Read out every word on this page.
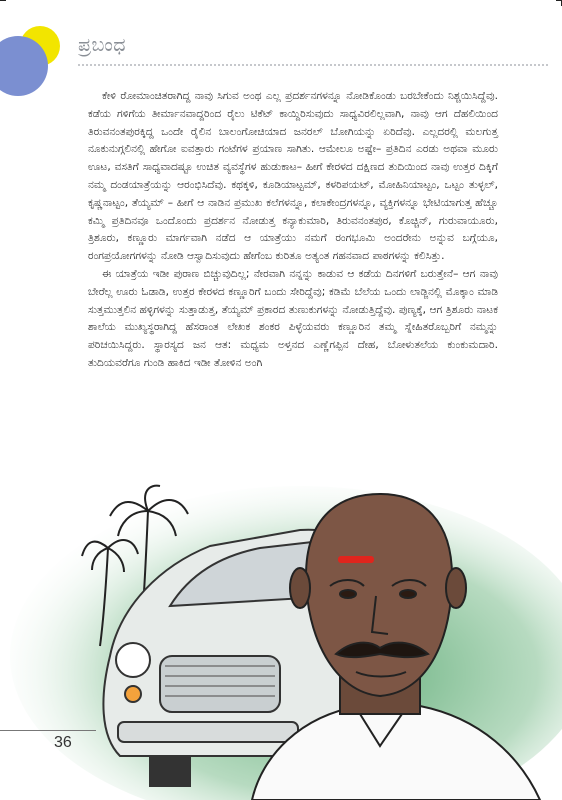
ಪ್ರಬಂಧ

ಕೇಳಿ ರೋಮಾಂಚಿತರಾಗಿದ್ದ ನಾವು ಸಿಗುವ ಅಂಥ ಎಲ್ಲ ಪ್ರದರ್ಶನಗಳನ್ನೂ ನೋಡಿಕೊಂಡು ಬರಬೇಕೆಂದು ನಿಶ್ಚಯಿಸಿದ್ದೆವು. ಕಡೆಯ ಗಳಿಗೆಯ ತೀರ್ಮಾನವಾದ್ದರಿಂದ ರೈಲು ಟಿಕೆಟ್ ಕಾಯ್ದಿರಿಸುವುದು ಸಾಧ್ಯವಿರಲಿಲ್ಲವಾಗಿ, ನಾವು ಆಗ ದೆಹಲಿಯಿಂದ ತಿರುವನಂತಪುರಕ್ಕಿದ್ದ ಒಂದೇ ರೈಲಿನ ಬಾಲಂಗೋಚಿಯಾದ ಜನರಲ್ ಬೋಗಿಯನ್ನು ಏರಿದೆವು. ಎಲ್ಲದರಲ್ಲಿ ಮಲಗುತ್ತ ನೂಕುನುಗ್ಗಲಿನಲ್ಲಿ ಹೇಗೋ ಐವತ್ತಾರು ಗಂಟೆಗಳ ಪ್ರಯಾಣ ಸಾಗಿತು. ಆಮೇಲೂ ಅಷ್ಟೇ– ಪ್ರತಿದಿನ ಎರಡು ಅಥವಾ ಮೂರು ಊಟ, ವಸತಿಗೆ ಸಾಧ್ಯವಾದಷ್ಟೂ ಉಚಿತ ವ್ಯವಸ್ಥೆಗಳ ಹುಡುಕಾಟ– ಹೀಗೆ ಕೇರಳದ ದಕ್ಷಿಣದ ತುದಿಯಿಂದ ನಾವು ಉತ್ತರ ದಿಕ್ಕಿಗೆ ನಮ್ಮ ದಂಡಯಾತ್ರೆಯನ್ನು ಆರಂಭಿಸಿದೆವು. ಕಥಕ್ಕಳಿ, ಕೂಡಿಯಾಟ್ಟಮ್, ಕಳರಿಪಯಟ್, ಮೋಹಿನಿಯಾಟ್ಟಂ, ಒಟ್ಟಂ ತುಳ್ಳಲ್, ಕೃಷ್ಣನಾಟ್ಟಂ, ತೆಯ್ಯಮ್ – ಹೀಗೆ ಆ ನಾಡಿನ ಪ್ರಮುಖ ಕಲೆಗಳನ್ನೂ, ಕಲಾಕೇಂದ್ರಗಳನ್ನೂ, ವ್ಯಕ್ತಿಗಳನ್ನೂ ಭೇಟಿಯಾಗುತ್ತ ಹೆಚ್ಚೂ ಕಮ್ಮಿ ಪ್ರತಿದಿನವೂ ಒಂದೊಂದು ಪ್ರದರ್ಶನ ನೋಡುತ್ತ ಕನ್ಯಾಕುಮಾರಿ, ತಿರುವನಂತಪುರ, ಕೊಚ್ಚಿನ್, ಗುರುವಾಯೂರು, ತ್ರಿಶೂರು, ಕಣ್ಣೂರು ಮಾರ್ಗವಾಗಿ ನಡೆದ ಆ ಯಾತ್ರೆಯು ನಮಗೆ ರಂಗಭೂಮಿ ಅಂದರೇನು ಅನ್ನುವ ಬಗ್ಗೆಯೂ, ರಂಗಪ್ರಯೋಗಗಳನ್ನು ನೋಡಿ ಆಸ್ವಾದಿಸುವುದು ಹೇಗೆಂಬ ಕುರಿತೂ ಅತ್ಯಂತ ಗಹನವಾದ ಪಾಠಗಳನ್ನು ಕಲಿಸಿತ್ತು.

ಈ ಯಾತ್ರೆಯ ಇಡೀ ಪುರಾಣ ಬಿಚ್ಚುವುದಿಲ್ಲ; ನೇರವಾಗಿ ನನ್ನನ್ನು ಕಾಡುವ ಆ ಕಡೆಯ ದಿನಗಳಿಗೆ ಬರುತ್ತೇನೆ– ಆಗ ನಾವು ಬೇರೆಲ್ಲ ಊರು ಓಡಾಡಿ, ಉತ್ತರ ಕೇರಳದ ಕಣ್ಣೂರಿಗೆ ಬಂದು ಸೇರಿದ್ದೆವು; ಕಡಿಮೆ ಬೆಲೆಯ ಒಂದು ಲಾಡ್ಜಿನಲ್ಲಿ ಮೊಕ್ಕಾಂ ಮಾಡಿ ಸುತ್ತಮುತ್ತಲಿನ ಹಳ್ಳಿಗಳನ್ನು ಸುತ್ತಾಡುತ್ತ, ತೆಯ್ಯಮ್ ಪ್ರಕಾರದ ತುಣುಕುಗಳನ್ನು ನೋಡುತ್ತಿದ್ದೆವು. ಪುಣ್ಯಕ್ಕೆ, ಆಗ ತ್ರಿಶೂರು ನಾಟಕ ಶಾಲೆಯ ಮುಖ್ಯಸ್ಥರಾಗಿದ್ದ ಹೆಸರಾಂತ ಲೇಖಕ ಶಂಕರ ಪಿಳ್ಳೆಯವರು ಕಣ್ಣೂರಿನ ತಮ್ಮ ಸ್ನೇಹಿತರೊಬ್ಬರಿಗೆ ನಮ್ಮನ್ನು ಪರಿಚಯಿಸಿದ್ದರು. ಸ್ಥಾರಸ್ಯದ ಜನ ಆತ: ಮಧ್ಯಮ ಅಳ್ತನದ ಎಣ್ಣೆಗಪ್ಪಿನ ದೇಹ, ಬೋಳುತಲೆಯ ಕುಂಕುಮದಾರಿ. ತುದಿಯವರೆಗೂ ಗುಂಡಿ ಹಾಕಿದ ಇಡೀ ತೋಳಿನ ಅಂಗಿ

36
